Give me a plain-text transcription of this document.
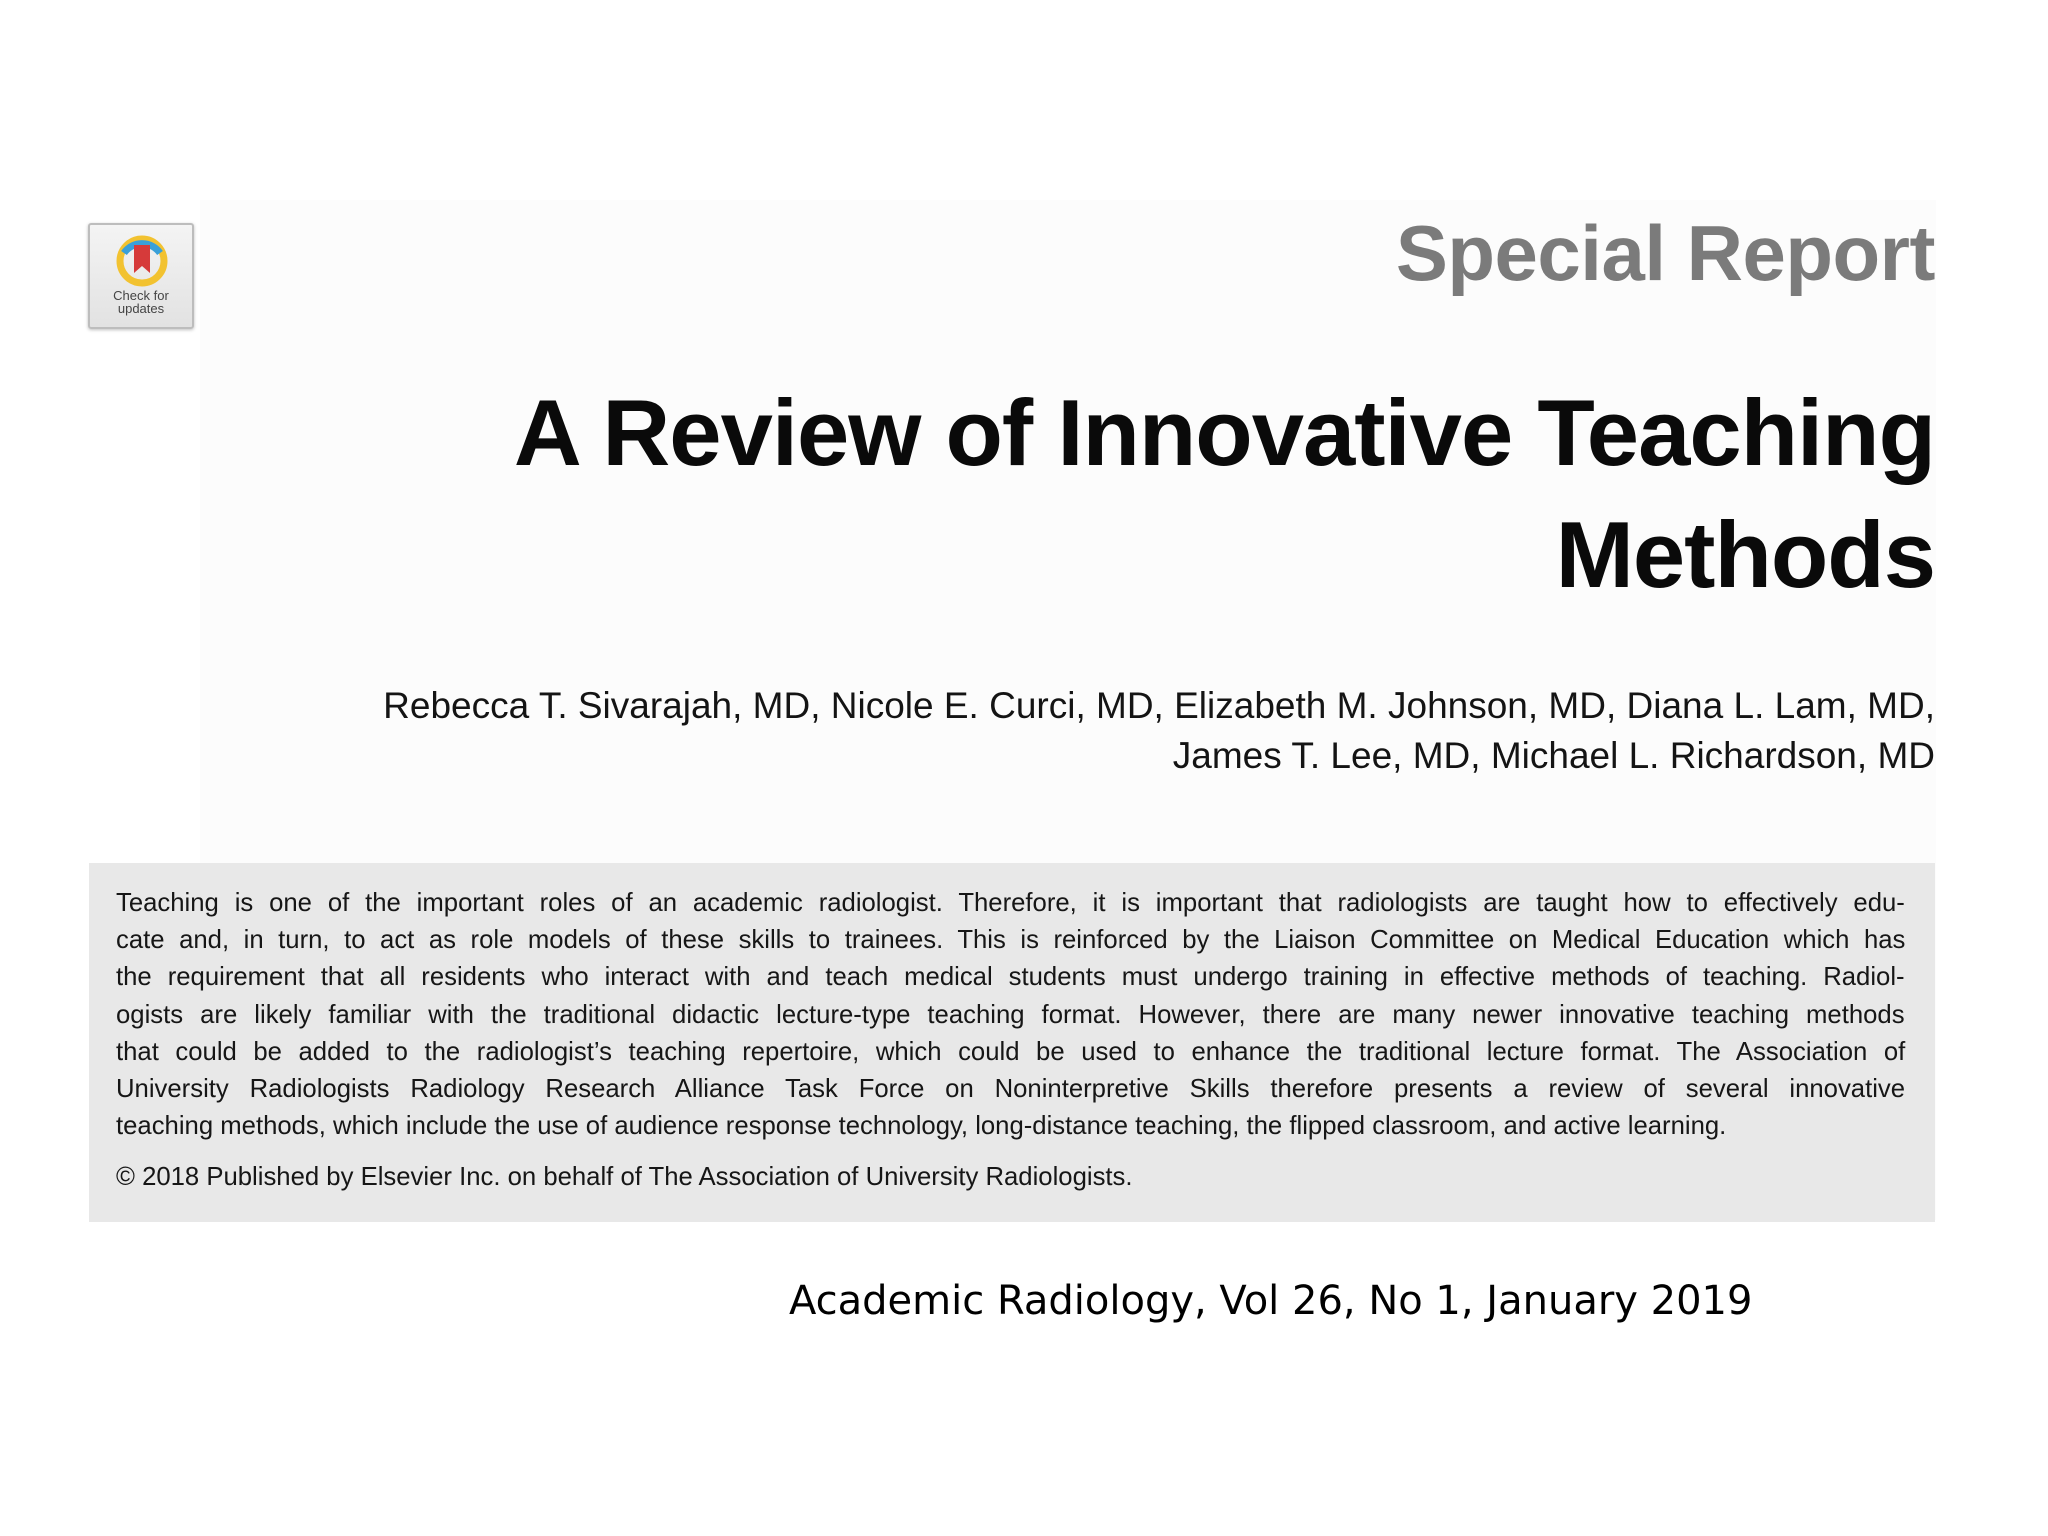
Check for
updates
Special Report
A Review of Innovative Teaching
Methods
Rebecca T. Sivarajah, MD, Nicole E. Curci, MD, Elizabeth M. Johnson, MD, Diana L. Lam, MD,
James T. Lee, MD, Michael L. Richardson, MD
Teaching is one of the important roles of an academic radiologist. Therefore, it is important that radiologists are taught how to effectively edu-
cate and, in turn, to act as role models of these skills to trainees. This is reinforced by the Liaison Committee on Medical Education which has
the requirement that all residents who interact with and teach medical students must undergo training in effective methods of teaching. Radiol-
ogists are likely familiar with the traditional didactic lecture-type teaching format. However, there are many newer innovative teaching methods
that could be added to the radiologist’s teaching repertoire, which could be used to enhance the traditional lecture format. The Association of
University Radiologists Radiology Research Alliance Task Force on Noninterpretive Skills therefore presents a review of several innovative
teaching methods, which include the use of audience response technology, long-distance teaching, the flipped classroom, and active learning.
© 2018 Published by Elsevier Inc. on behalf of The Association of University Radiologists.
Academic Radiology, Vol 26, No 1, January 2019
